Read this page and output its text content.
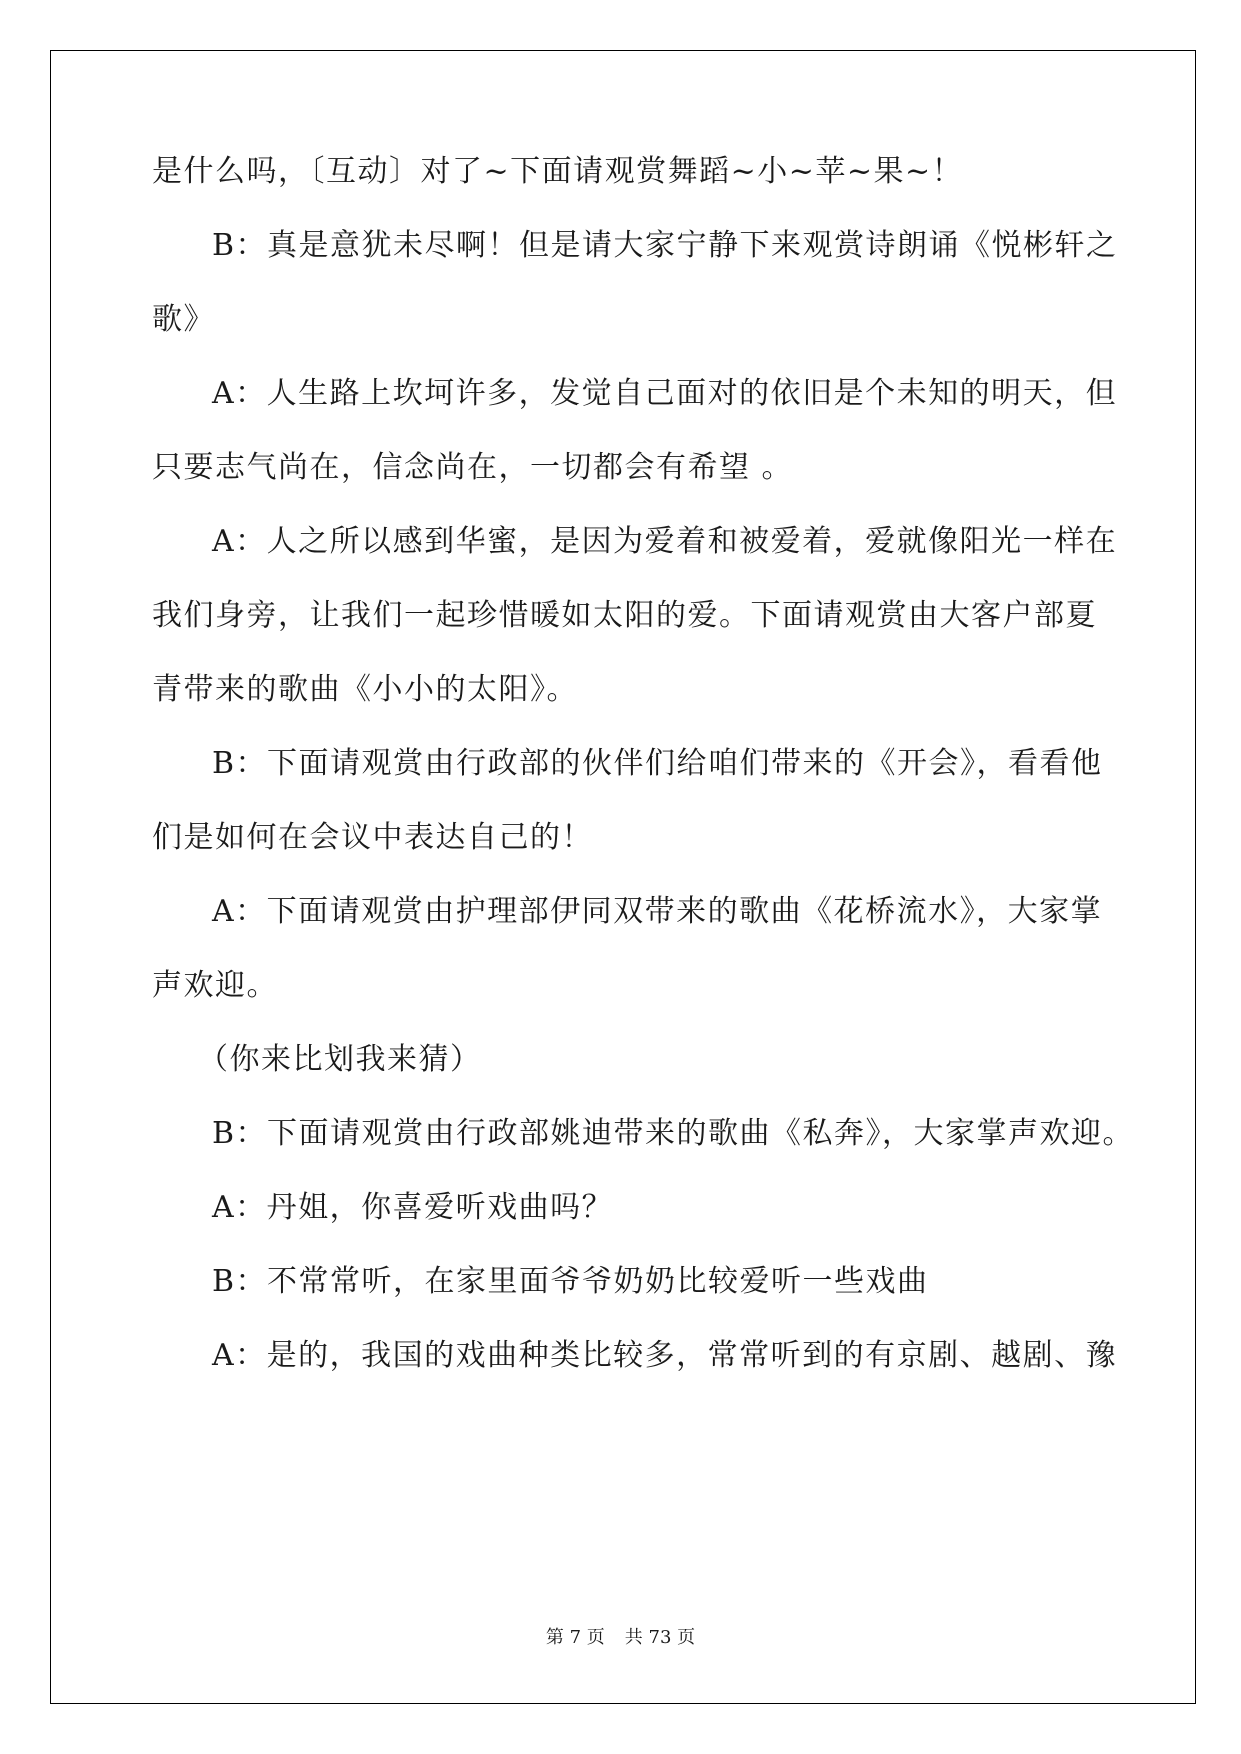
是什么吗，〔互动〕对了~下面请观赏舞蹈~小~苹~果~！
B：真是意犹未尽啊！但是请大家宁静下来观赏诗朗诵《悦彬轩之
歌》
A：人生路上坎坷许多，发觉自己面对的依旧是个未知的明天，但
只要志气尚在，信念尚在，一切都会有希望 。
A：人之所以感到华蜜，是因为爱着和被爱着，爱就像阳光一样在
我们身旁，让我们一起珍惜暖如太阳的爱。下面请观赏由大客户部夏
青带来的歌曲《小小的太阳》。
B：下面请观赏由行政部的伙伴们给咱们带来的《开会》，看看他
们是如何在会议中表达自己的！
A：下面请观赏由护理部伊同双带来的歌曲《花桥流水》，大家掌
声欢迎。
（你来比划我来猜）
B：下面请观赏由行政部姚迪带来的歌曲《私奔》，大家掌声欢迎。
A：丹姐，你喜爱听戏曲吗？
B：不常常听，在家里面爷爷奶奶比较爱听一些戏曲
A：是的，我国的戏曲种类比较多，常常听到的有京剧、越剧、豫
第 7 页 共 73 页
